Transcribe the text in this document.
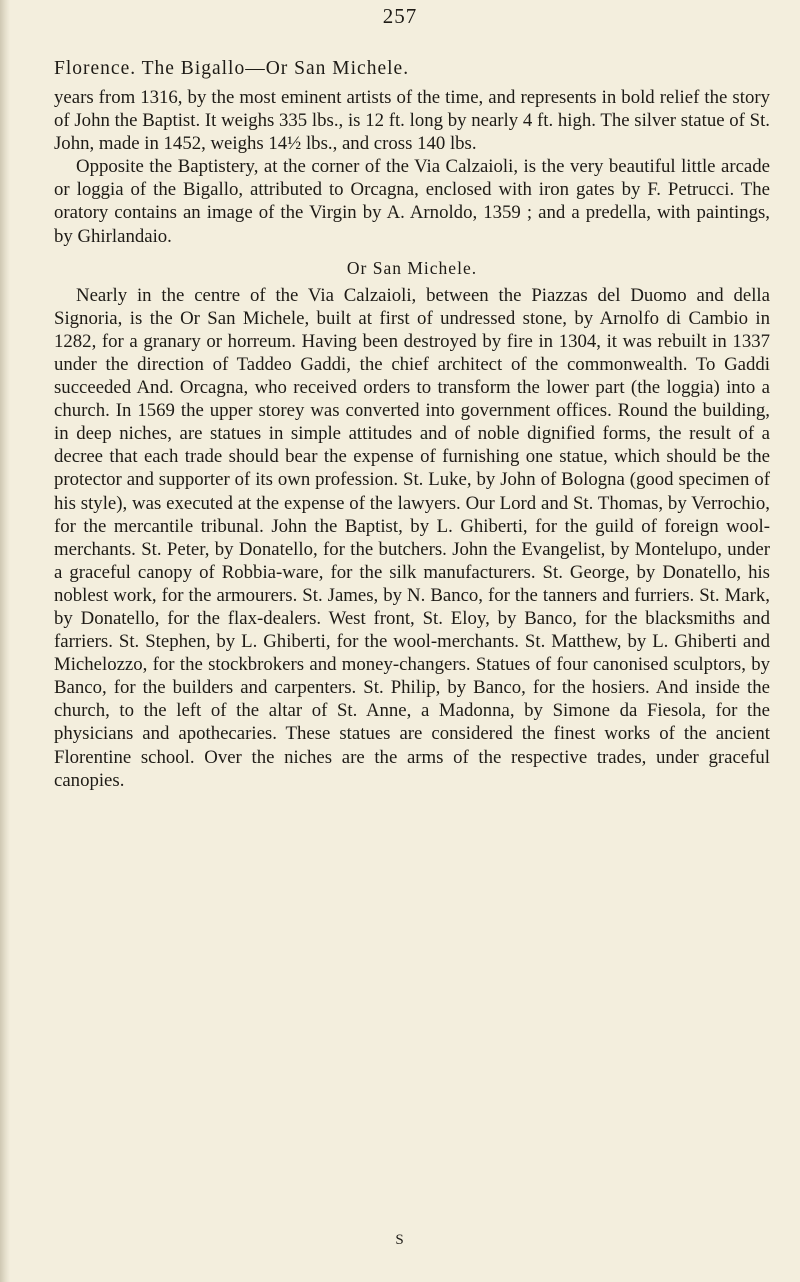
257
Florence. The Bigallo—Or San Michele.

years from 1316, by the most eminent artists of the time, and represents in bold relief the story of John the Baptist. It weighs 335 lbs., is 12 ft. long by nearly 4 ft. high. The silver statue of St. John, made in 1452, weighs 14½ lbs., and cross 140 lbs.

Opposite the Baptistery, at the corner of the Via Calzaioli, is the very beautiful little arcade or loggia of the Bigallo, attributed to Orcagna, enclosed with iron gates by F. Petrucci. The oratory contains an image of the Virgin by A. Arnoldo, 1359 ; and a predella, with paintings, by Ghirlandaio.

Or San Michele.

Nearly in the centre of the Via Calzaioli, between the Piazzas del Duomo and della Signoria, is the Or San Michele, built at first of undressed stone, by Arnolfo di Cambio in 1282, for a granary or horreum. Having been destroyed by fire in 1304, it was rebuilt in 1337 under the direction of Taddeo Gaddi, the chief architect of the commonwealth. To Gaddi succeeded And. Orcagna, who received orders to transform the lower part (the loggia) into a church. In 1569 the upper storey was converted into government offices. Round the building, in deep niches, are statues in simple attitudes and of noble dignified forms, the result of a decree that each trade should bear the expense of furnishing one statue, which should be the protector and supporter of its own profession. St. Luke, by John of Bologna (good specimen of his style), was executed at the expense of the lawyers. Our Lord and St. Thomas, by Verrochio, for the mercantile tribunal. John the Baptist, by L. Ghiberti, for the guild of foreign wool-merchants. St. Peter, by Donatello, for the butchers. John the Evangelist, by Montelupo, under a graceful canopy of Robbia-ware, for the silk manufacturers. St. George, by Donatello, his noblest work, for the armourers. St. James, by N. Banco, for the tanners and furriers. St. Mark, by Donatello, for the flax-dealers. West front, St. Eloy, by Banco, for the blacksmiths and farriers. St. Stephen, by L. Ghiberti, for the wool-merchants. St. Matthew, by L. Ghiberti and Michelozzo, for the stockbrokers and money-changers. Statues of four canonised sculptors, by Banco, for the builders and carpenters. St. Philip, by Banco, for the hosiers. And inside the church, to the left of the altar of St. Anne, a Madonna, by Simone da Fiesola, for the physicians and apothecaries. These statues are considered the finest works of the ancient Florentine school. Over the niches are the arms of the respective trades, under graceful canopies.

S
